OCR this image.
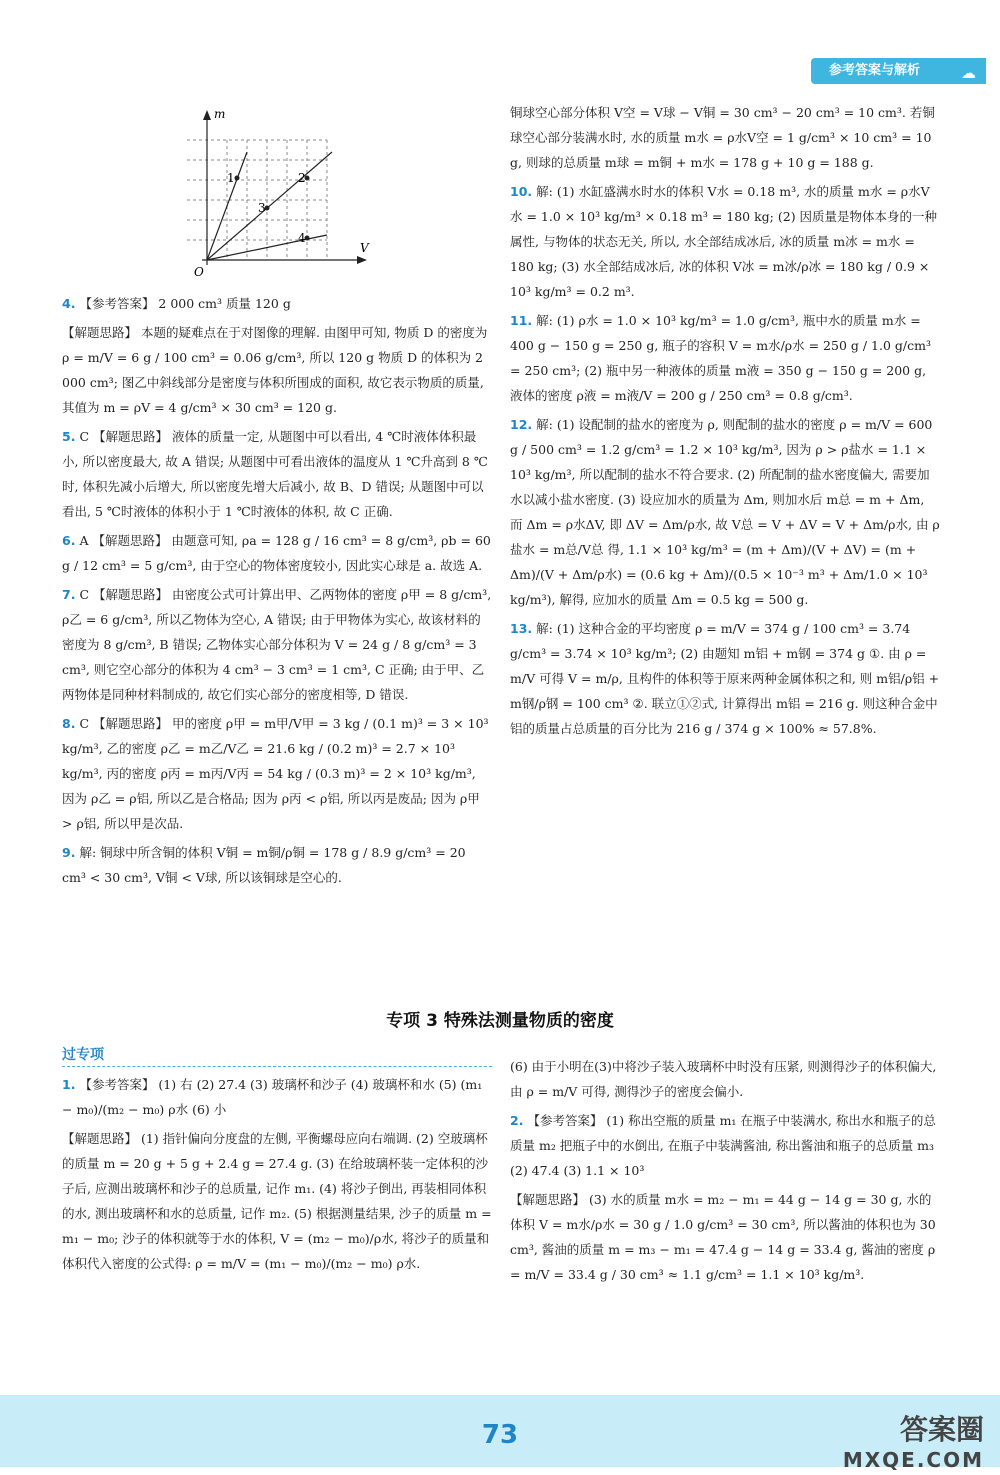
参考答案与解析	☁
m
V
O
1	2
3
4

4. 【参考答案】 2 000 cm³ 质量 120 g

【解题思路】 本题的疑难点在于对图像的理解. 由图甲可知, 物质 D 的密度为 ρ = m/V = 6 g / 100 cm³ = 0.06 g/cm³, 所以 120 g 物质 D 的体积为 2 000 cm³; 图乙中斜线部分是密度与体积所围成的面积, 故它表示物质的质量, 其值为 m = ρV = 4 g/cm³ × 30 cm³ = 120 g.

5. C 【解题思路】 液体的质量一定, 从题图中可以看出, 4 ℃时液体体积最小, 所以密度最大, 故 A 错误; 从题图中可看出液体的温度从 1 ℃升高到 8 ℃时, 体积先减小后增大, 所以密度先增大后减小, 故 B、D 错误; 从题图中可以看出, 5 ℃时液体的体积小于 1 ℃时液体的体积, 故 C 正确.

6. A 【解题思路】 由题意可知, ρa = 128 g / 16 cm³ = 8 g/cm³, ρb = 60 g / 12 cm³ = 5 g/cm³, 由于空心的物体密度较小, 因此实心球是 a. 故选 A.

7. C 【解题思路】 由密度公式可计算出甲、乙两物体的密度 ρ甲 = 8 g/cm³, ρ乙 = 6 g/cm³, 所以乙物体为空心, A 错误; 由于甲物体为实心, 故该材料的密度为 8 g/cm³, B 错误; 乙物体实心部分体积为 V = 24 g / 8 g/cm³ = 3 cm³, 则它空心部分的体积为 4 cm³ − 3 cm³ = 1 cm³, C 正确; 由于甲、乙两物体是同种材料制成的, 故它们实心部分的密度相等, D 错误.

8. C 【解题思路】 甲的密度 ρ甲 = m甲/V甲 = 3 kg / (0.1 m)³ = 3 × 10³ kg/m³, 乙的密度 ρ乙 = m乙/V乙 = 21.6 kg / (0.2 m)³ = 2.7 × 10³ kg/m³, 丙的密度 ρ丙 = m丙/V丙 = 54 kg / (0.3 m)³ = 2 × 10³ kg/m³, 因为 ρ乙 = ρ铝, 所以乙是合格品; 因为 ρ丙 < ρ铝, 所以丙是废品; 因为 ρ甲 > ρ铝, 所以甲是次品.

9. 解: 铜球中所含铜的体积 V铜 = m铜/ρ铜 = 178 g / 8.9 g/cm³ = 20 cm³ < 30 cm³, V铜 < V球, 所以该铜球是空心的.

铜球空心部分体积 V空 = V球 − V铜 = 30 cm³ − 20 cm³ = 10 cm³. 若铜球空心部分装满水时, 水的质量 m水 = ρ水V空 = 1 g/cm³ × 10 cm³ = 10 g, 则球的总质量 m球 = m铜 + m水 = 178 g + 10 g = 188 g.

10. 解: (1) 水缸盛满水时水的体积 V水 = 0.18 m³, 水的质量 m水 = ρ水V水 = 1.0 × 10³ kg/m³ × 0.18 m³ = 180 kg; (2) 因质量是物体本身的一种属性, 与物体的状态无关, 所以, 水全部结成冰后, 冰的质量 m冰 = m水 = 180 kg; (3) 水全部结成冰后, 冰的体积 V冰 = m冰/ρ冰 = 180 kg / 0.9 × 10³ kg/m³ = 0.2 m³.

11. 解: (1) ρ水 = 1.0 × 10³ kg/m³ = 1.0 g/cm³, 瓶中水的质量 m水 = 400 g − 150 g = 250 g, 瓶子的容积 V = m水/ρ水 = 250 g / 1.0 g/cm³ = 250 cm³; (2) 瓶中另一种液体的质量 m液 = 350 g − 150 g = 200 g, 液体的密度 ρ液 = m液/V = 200 g / 250 cm³ = 0.8 g/cm³.

12. 解: (1) 设配制的盐水的密度为 ρ, 则配制的盐水的密度 ρ = m/V = 600 g / 500 cm³ = 1.2 g/cm³ = 1.2 × 10³ kg/m³, 因为 ρ > ρ盐水 = 1.1 × 10³ kg/m³, 所以配制的盐水不符合要求. (2) 所配制的盐水密度偏大, 需要加水以减小盐水密度. (3) 设应加水的质量为 Δm, 则加水后 m总 = m + Δm, 而 Δm = ρ水ΔV, 即 ΔV = Δm/ρ水, 故 V总 = V + ΔV = V + Δm/ρ水, 由 ρ盐水 = m总/V总 得, 1.1 × 10³ kg/m³ = (m + Δm)/(V + ΔV) = (m + Δm)/(V + Δm/ρ水) = (0.6 kg + Δm)/(0.5 × 10⁻³ m³ + Δm/1.0 × 10³ kg/m³), 解得, 应加水的质量 Δm = 0.5 kg = 500 g.

13. 解: (1) 这种合金的平均密度 ρ = m/V = 374 g / 100 cm³ = 3.74 g/cm³ = 3.74 × 10³ kg/m³; (2) 由题知 m铝 + m钢 = 374 g ①. 由 ρ = m/V 可得 V = m/ρ, 且构件的体积等于原来两种金属体积之和, 则 m铝/ρ铝 + m钢/ρ钢 = 100 cm³ ②. 联立①②式, 计算得出 m铝 = 216 g. 则这种合金中铝的质量占总质量的百分比为 216 g / 374 g × 100% ≈ 57.8%.

专项 3 特殊法测量物质的密度
过专项

1. 【参考答案】 (1) 右 (2) 27.4 (3) 玻璃杯和沙子 (4) 玻璃杯和水 (5) (m₁ − m₀)/(m₂ − m₀) ρ水 (6) 小

【解题思路】 (1) 指针偏向分度盘的左侧, 平衡螺母应向右端调. (2) 空玻璃杯的质量 m = 20 g + 5 g + 2.4 g = 27.4 g. (3) 在给玻璃杯装一定体积的沙子后, 应测出玻璃杯和沙子的总质量, 记作 m₁. (4) 将沙子倒出, 再装相同体积的水, 测出玻璃杯和水的总质量, 记作 m₂. (5) 根据测量结果, 沙子的质量 m = m₁ − m₀; 沙子的体积就等于水的体积, V = (m₂ − m₀)/ρ水, 将沙子的质量和体积代入密度的公式得: ρ = m/V = (m₁ − m₀)/(m₂ − m₀) ρ水.

(6) 由于小明在(3)中将沙子装入玻璃杯中时没有压紧, 则测得沙子的体积偏大, 由 ρ = m/V 可得, 测得沙子的密度会偏小.

2. 【参考答案】 (1) 称出空瓶的质量 m₁ 在瓶子中装满水, 称出水和瓶子的总质量 m₂ 把瓶子中的水倒出, 在瓶子中装满酱油, 称出酱油和瓶子的总质量 m₃ (2) 47.4 (3) 1.1 × 10³

【解题思路】 (3) 水的质量 m水 = m₂ − m₁ = 44 g − 14 g = 30 g, 水的体积 V = m水/ρ水 = 30 g / 1.0 g/cm³ = 30 cm³, 所以酱油的体积也为 30 cm³, 酱油的质量 m = m₃ − m₁ = 47.4 g − 14 g = 33.4 g, 酱油的密度 ρ = m/V = 33.4 g / 30 cm³ ≈ 1.1 g/cm³ = 1.1 × 10³ kg/m³.

73	答案圈
MXQE.COM
